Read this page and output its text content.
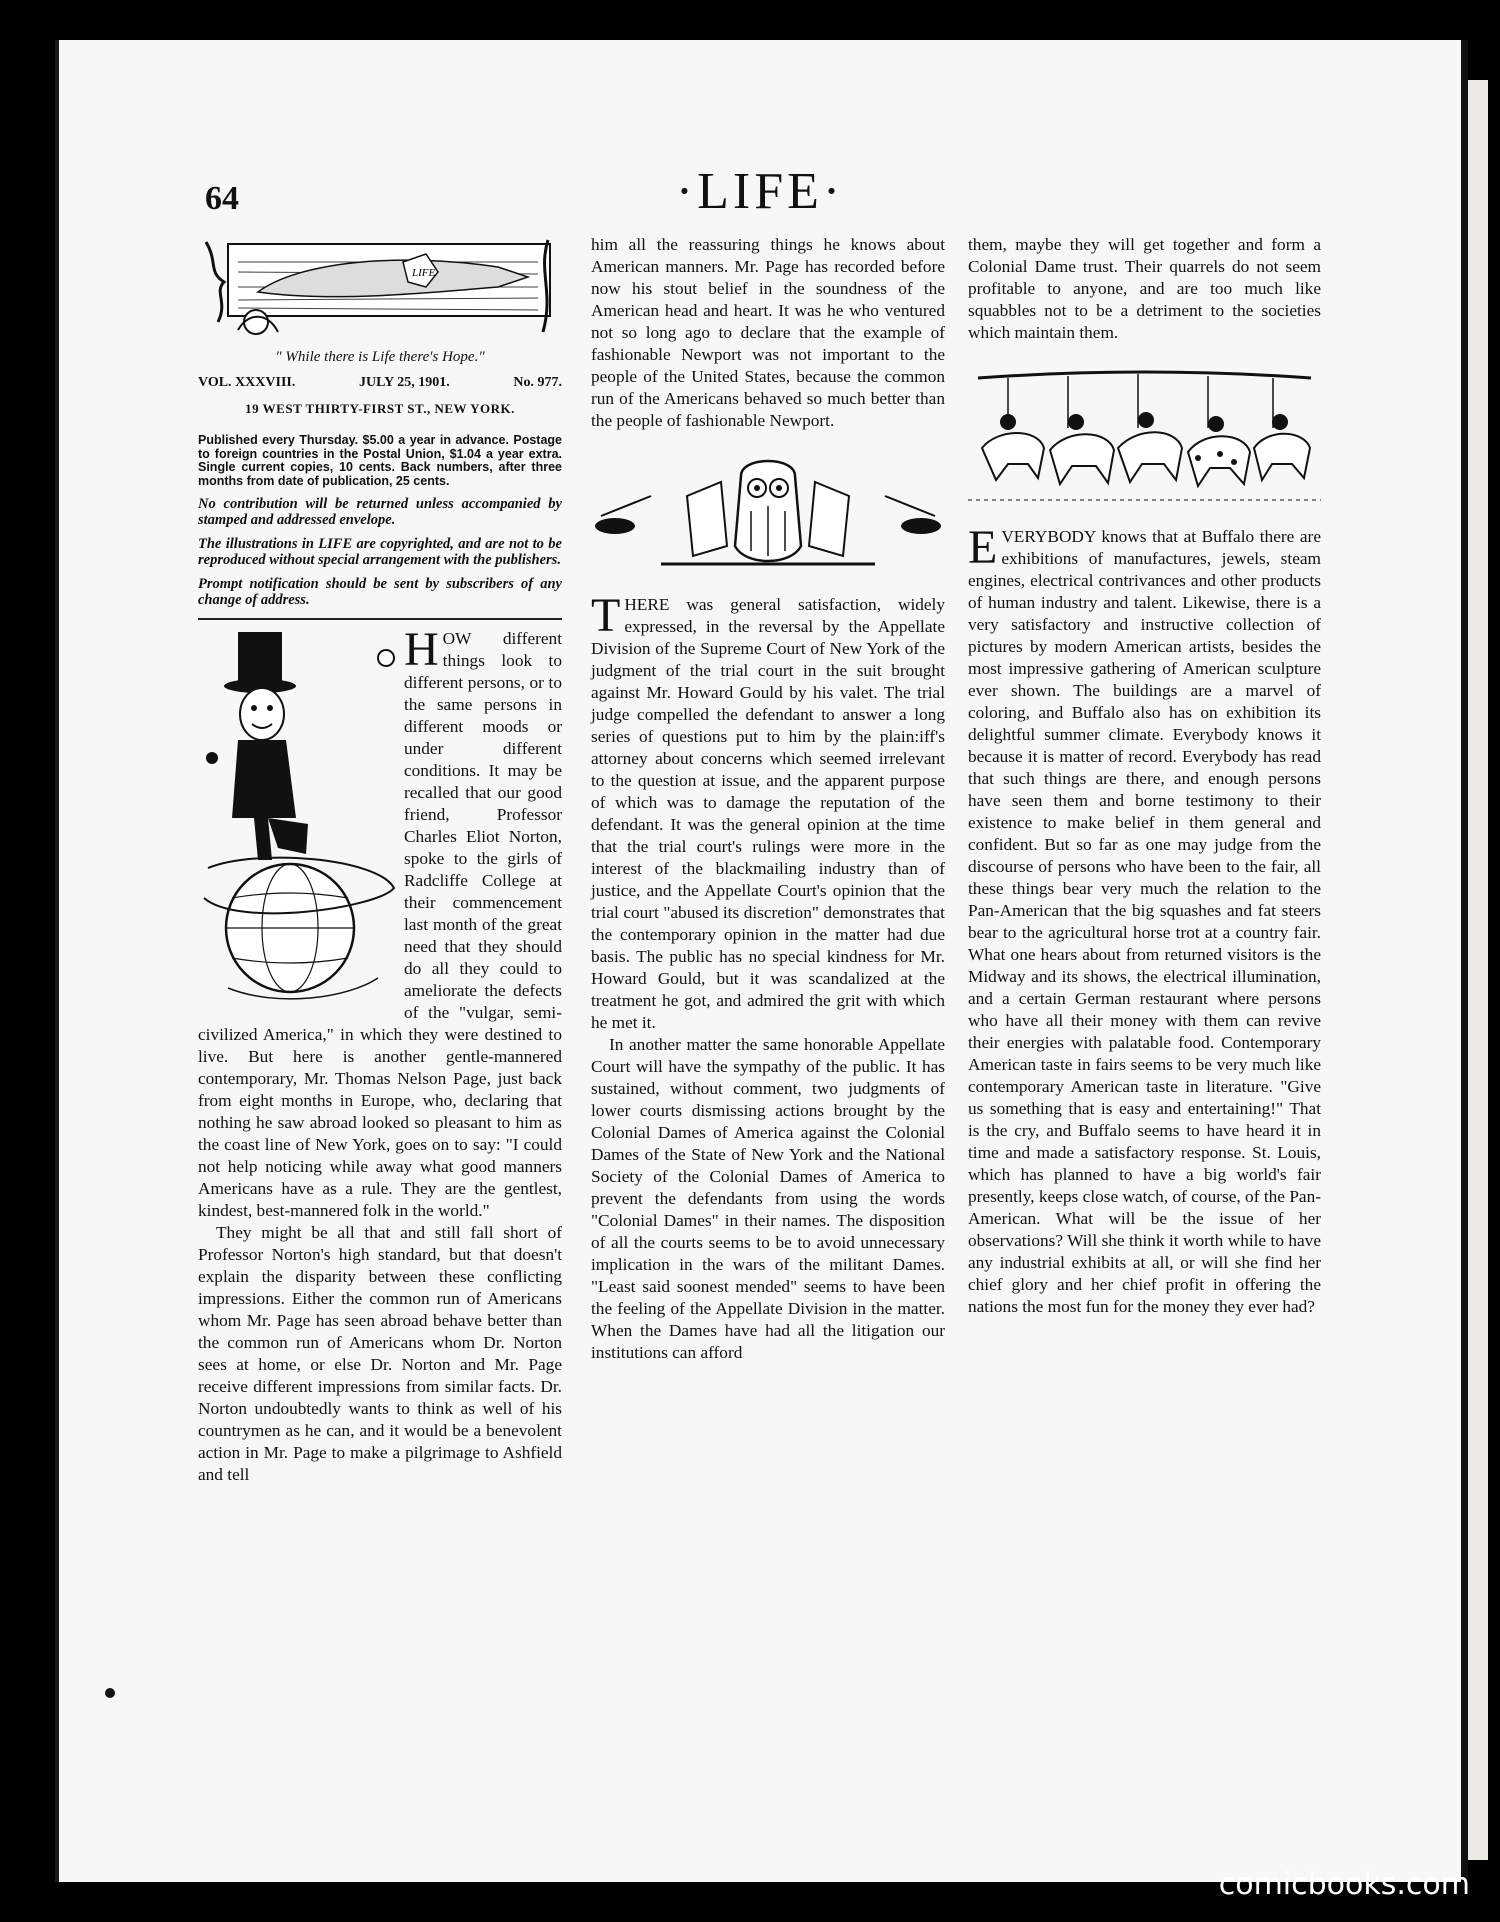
64	·LIFE·
LIFE
" While there is Life there's Hope."
VOL. XXXVIII.	JULY 25, 1901.	No. 977.
19 WEST THIRTY-FIRST ST., NEW YORK.
Published every Thursday. $5.00 a year in advance. Postage to foreign countries in the Postal Union, $1.04 a year extra. Single current copies, 10 cents. Back numbers, after three months from date of publication, 25 cents.
No contribution will be returned unless accompanied by stamped and addressed envelope.
The illustrations in LIFE are copyrighted, and are not to be reproduced without special arrangement with the publishers.
Prompt notification should be sent by subscribers of any change of address.
H OW different things look to different persons, or to the same persons in different moods or under different conditions. It may be recalled that our good friend, Professor Charles Eliot Norton, spoke to the girls of Radcliffe College at their commencement last month of the great need that they should do all they could to ameliorate the defects of the "vulgar, semi-civilized America," in which they were destined to live. But here is another gentle-mannered contemporary, Mr. Thomas Nelson Page, just back from eight months in Europe, who, declaring that nothing he saw abroad looked so pleasant to him as the coast line of New York, goes on to say: "I could not help noticing while away what good manners Americans have as a rule. They are the gentlest, kindest, best-mannered folk in the world."

They might be all that and still fall short of Professor Norton's high standard, but that doesn't explain the disparity between these conflicting impressions. Either the common run of Americans whom Mr. Page has seen abroad behave better than the common run of Americans whom Dr. Norton sees at home, or else Dr. Norton and Mr. Page receive different impressions from similar facts. Dr. Norton undoubtedly wants to think as well of his countrymen as he can, and it would be a benevolent action in Mr. Page to make a pilgrimage to Ashfield and tell

him all the reassuring things he knows about American manners. Mr. Page has recorded before now his stout belief in the soundness of the American head and heart. It was he who ventured not so long ago to declare that the example of fashionable Newport was not important to the people of the United States, because the common run of the Americans behaved so much better than the people of fashionable Newport.

T HERE was general satisfaction, widely expressed, in the reversal by the Appellate Division of the Supreme Court of New York of the judgment of the trial court in the suit brought against Mr. Howard Gould by his valet. The trial judge compelled the defendant to answer a long series of questions put to him by the plain:iff's attorney about concerns which seemed irrelevant to the question at issue, and the apparent purpose of which was to damage the reputation of the defendant. It was the general opinion at the time that the trial court's rulings were more in the interest of the blackmailing industry than of justice, and the Appellate Court's opinion that the trial court "abused its discretion" demonstrates that the contemporary opinion in the matter had due basis. The public has no special kindness for Mr. Howard Gould, but it was scandalized at the treatment he got, and admired the grit with which he met it.

In another matter the same honorable Appellate Court will have the sympathy of the public. It has sustained, without comment, two judgments of lower courts dismissing actions brought by the Colonial Dames of America against the Colonial Dames of the State of New York and the National Society of the Colonial Dames of America to prevent the defendants from using the words "Colonial Dames" in their names. The disposition of all the courts seems to be to avoid unnecessary implication in the wars of the militant Dames. "Least said soonest mended" seems to have been the feeling of the Appellate Division in the matter. When the Dames have had all the litigation our institutions can afford

them, maybe they will get together and form a Colonial Dame trust. Their quarrels do not seem profitable to anyone, and are too much like squabbles not to be a detriment to the societies which maintain them.

E VERYBODY knows that at Buffalo there are exhibitions of manufactures, jewels, steam engines, electrical contrivances and other products of human industry and talent. Likewise, there is a very satisfactory and instructive collection of pictures by modern American artists, besides the most impressive gathering of American sculpture ever shown. The buildings are a marvel of coloring, and Buffalo also has on exhibition its delightful summer climate. Everybody knows it because it is matter of record. Everybody has read that such things are there, and enough persons have seen them and borne testimony to their existence to make belief in them general and confident. But so far as one may judge from the discourse of persons who have been to the fair, all these things bear very much the relation to the Pan-American that the big squashes and fat steers bear to the agricultural horse trot at a country fair. What one hears about from returned visitors is the Midway and its shows, the electrical illumination, and a certain German restaurant where persons who have all their money with them can revive their energies with palatable food. Contemporary American taste in fairs seems to be very much like contemporary American taste in literature. "Give us something that is easy and entertaining!" That is the cry, and Buffalo seems to have heard it in time and made a satisfactory response. St. Louis, which has planned to have a big world's fair presently, keeps close watch, of course, of the Pan-American. What will be the issue of her observations? Will she think it worth while to have any industrial exhibits at all, or will she find her chief glory and her chief profit in offering the nations the most fun for the money they ever had?

comicbooks.com
